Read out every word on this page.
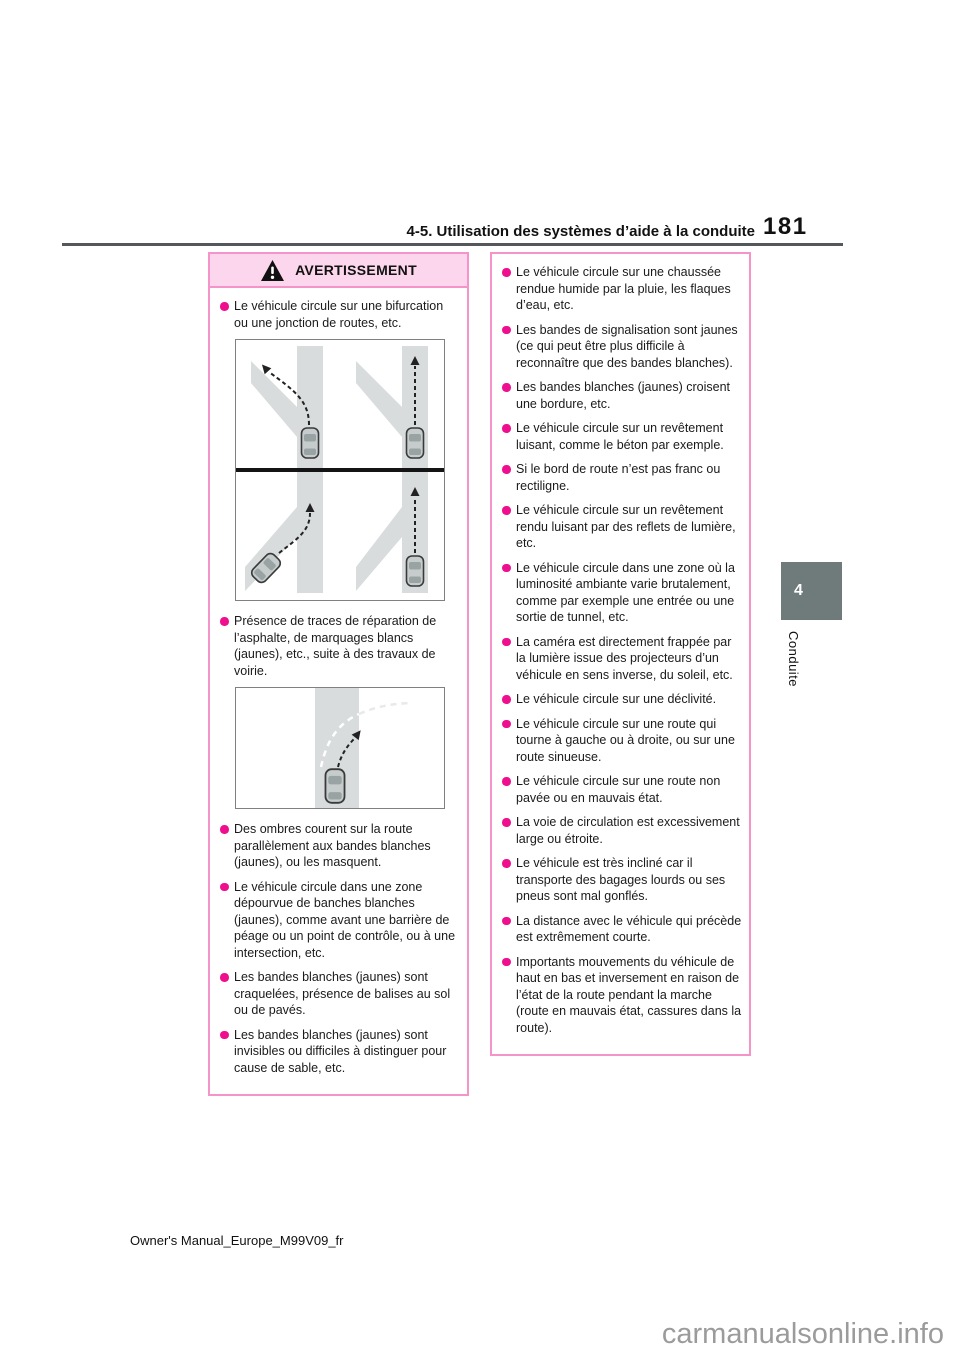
4-5. Utilisation des systèmes d’aide à la conduite 181
4
Conduite
AVERTISSEMENT
Le véhicule circule sur une bifurcation ou une jonction de routes, etc.
Présence de traces de réparation de l’asphalte, de marquages blancs (jaunes), etc., suite à des travaux de voirie.
Des ombres courent sur la route parallèlement aux bandes blanches (jaunes), ou les masquent.
Le véhicule circule dans une zone dépourvue de banches blanches (jaunes), comme avant une barrière de péage ou un point de contrôle, ou à une intersection, etc.
Les bandes blanches (jaunes) sont craquelées, présence de balises au sol ou de pavés.
Les bandes blanches (jaunes) sont invisibles ou difficiles à distinguer pour cause de sable, etc.
Le véhicule circule sur une chaussée rendue humide par la pluie, les flaques d’eau, etc.
Les bandes de signalisation sont jaunes (ce qui peut être plus difficile à reconnaître que des bandes blanches).
Les bandes blanches (jaunes) croisent une bordure, etc.
Le véhicule circule sur un revêtement luisant, comme le béton par exemple.
Si le bord de route n’est pas franc ou rectiligne.
Le véhicule circule sur un revêtement rendu luisant par des reflets de lumière, etc.
Le véhicule circule dans une zone où la luminosité ambiante varie brutalement, comme par exemple une entrée ou une sortie de tunnel, etc.
La caméra est directement frappée par la lumière issue des projecteurs d’un véhicule en sens inverse, du soleil, etc.
Le véhicule circule sur une déclivité.
Le véhicule circule sur une route qui tourne à gauche ou à droite, ou sur une route sinueuse.
Le véhicule circule sur une route non pavée ou en mauvais état.
La voie de circulation est excessivement large ou étroite.
Le véhicule est très incliné car il transporte des bagages lourds ou ses pneus sont mal gonflés.
La distance avec le véhicule qui précède est extrêmement courte.
Importants mouvements du véhicule de haut en bas et inversement en raison de l’état de la route pendant la marche (route en mauvais état, cassures dans la route).
Owner's Manual_Europe_M99V09_fr
carmanualsonline.info
